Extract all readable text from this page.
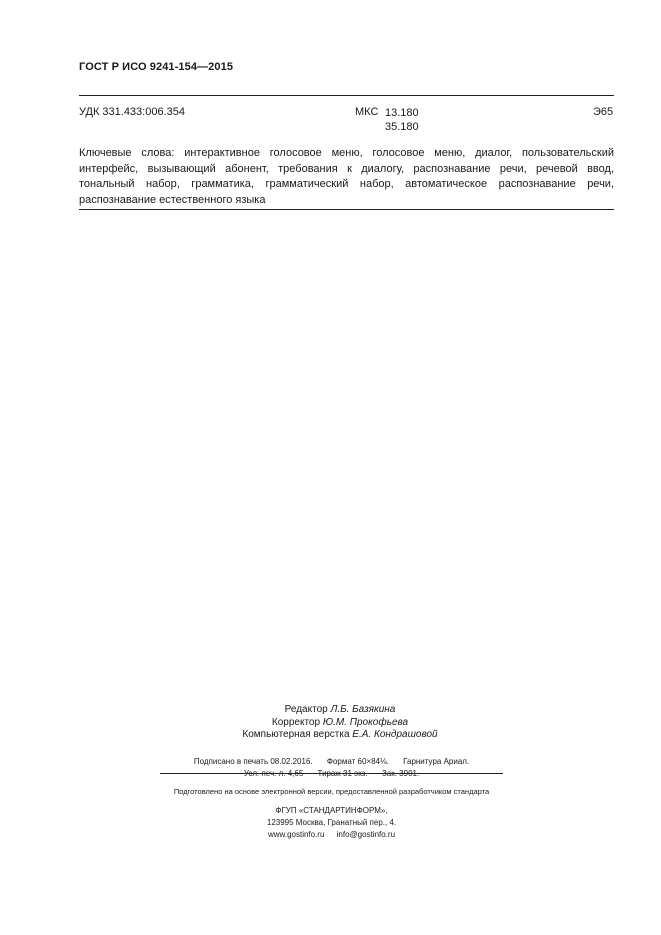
ГОСТ Р ИСО 9241-154—2015
УДК 331.433:006.354	МКС 13.180
35.180
Э65
Ключевые слова: интерактивное голосовое меню, голосовое меню, диалог, пользовательский интерфейс, вызывающий абонент, требования к диалогу, распознавание речи, речевой ввод, тональный набор, грамматика, грамматический набор, автоматическое распознавание речи, распознавание естественного языка
Редактор Л.Б. Базякина
Корректор Ю.М. Прокофьева
Компьютерная верстка Е.А. Кондрашовой
Подписано в печать 08.02.2016. Формат 60×84⅛. Гарнитура Ариал.
Усл. печ. л. 4,65 Тираж 31 экз. Зак. 3901.
Подготовлено на основе электронной версии, предоставленной разработчиком стандарта
ФГУП «СТАНДАРТИНФОРМ»,
123995 Москва, Гранатный пер., 4.
www.gostinfo.ru info@gostinfo.ru
